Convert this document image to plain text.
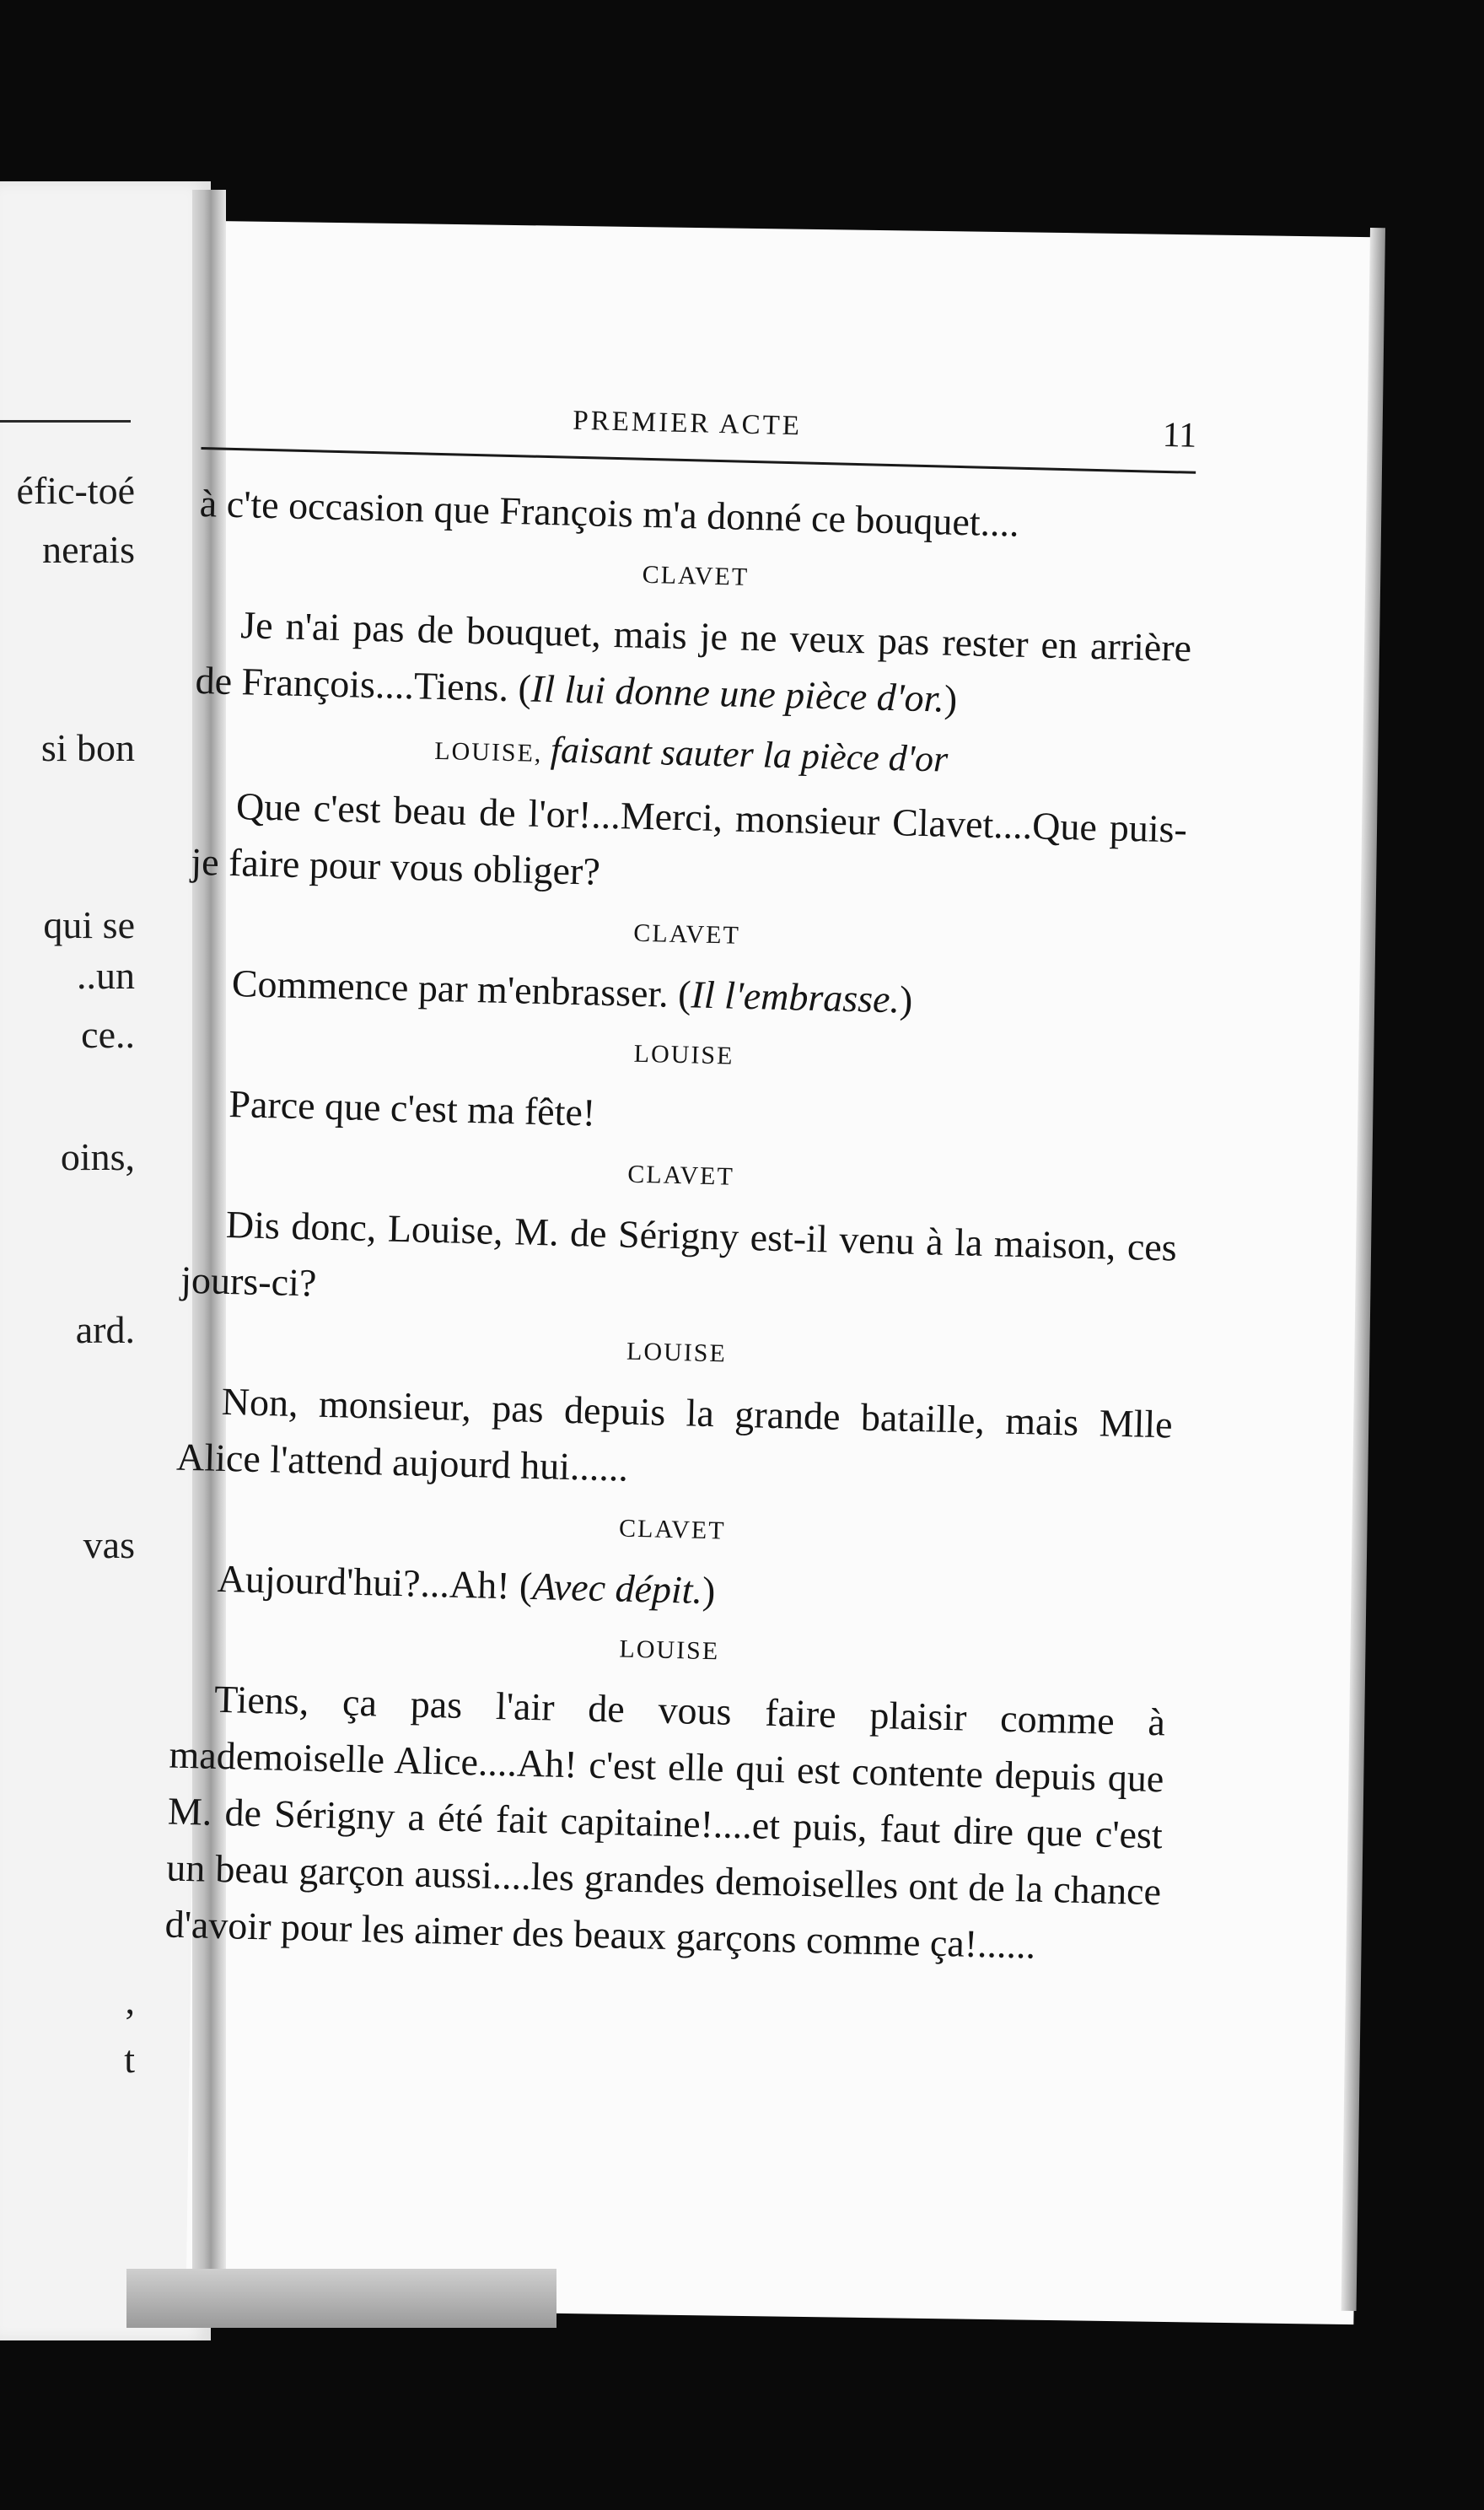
éfic-toé
nerais
si bon
qui se
..un
ce..
oins,
ard.
vas
,
t
PREMIER ACTE	11

à c'te occasion que François m'a donné ce bouquet....

CLAVET

Je n'ai pas de bouquet, mais je ne veux pas rester en arrière de François....Tiens. (Il lui donne une pièce d'or.)

LOUISE, faisant sauter la pièce d'or

Que c'est beau de l'or!...Merci, monsieur Clavet....Que puis-je faire pour vous obliger?

CLAVET

Commence par m'enbrasser. (Il l'embrasse.)

LOUISE

Parce que c'est ma fête!

CLAVET

Dis donc, Louise, M. de Sérigny est-il venu à la maison, ces jours-ci?

LOUISE

Non, monsieur, pas depuis la grande bataille, mais Mlle Alice l'attend aujourd hui......

CLAVET

Aujourd'hui?...Ah! (Avec dépit.)

LOUISE

Tiens, ça pas l'air de vous faire plaisir comme à mademoiselle Alice....Ah! c'est elle qui est contente depuis que M. de Sérigny a été fait capitaine!....et puis, faut dire que c'est un beau garçon aussi....les grandes demoiselles ont de la chance d'avoir pour les aimer des beaux garçons comme ça!......
